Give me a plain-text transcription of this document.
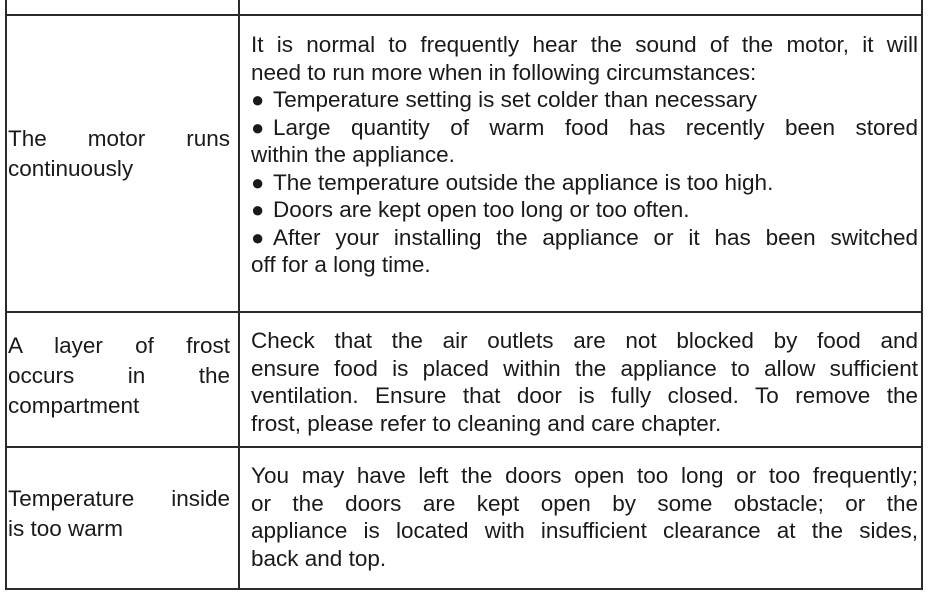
The motor runs

continuously

It is normal to frequently hear the sound of the motor, it will

need to run more when in following circumstances:

● Temperature setting is set colder than necessary

● Large quantity of warm food has recently been stored

within the appliance.

● The temperature outside the appliance is too high.

● Doors are kept open too long or too often.

● After your installing the appliance or it has been switched

off for a long time.

A layer of frost

occurs in the

compartment

Check that the air outlets are not blocked by food and

ensure food is placed within the appliance to allow sufficient

ventilation. Ensure that door is fully closed. To remove the

frost, please refer to cleaning and care chapter.

Temperature inside

is too warm

You may have left the doors open too long or too frequently;

or the doors are kept open by some obstacle; or the

appliance is located with insufficient clearance at the sides,

back and top.
